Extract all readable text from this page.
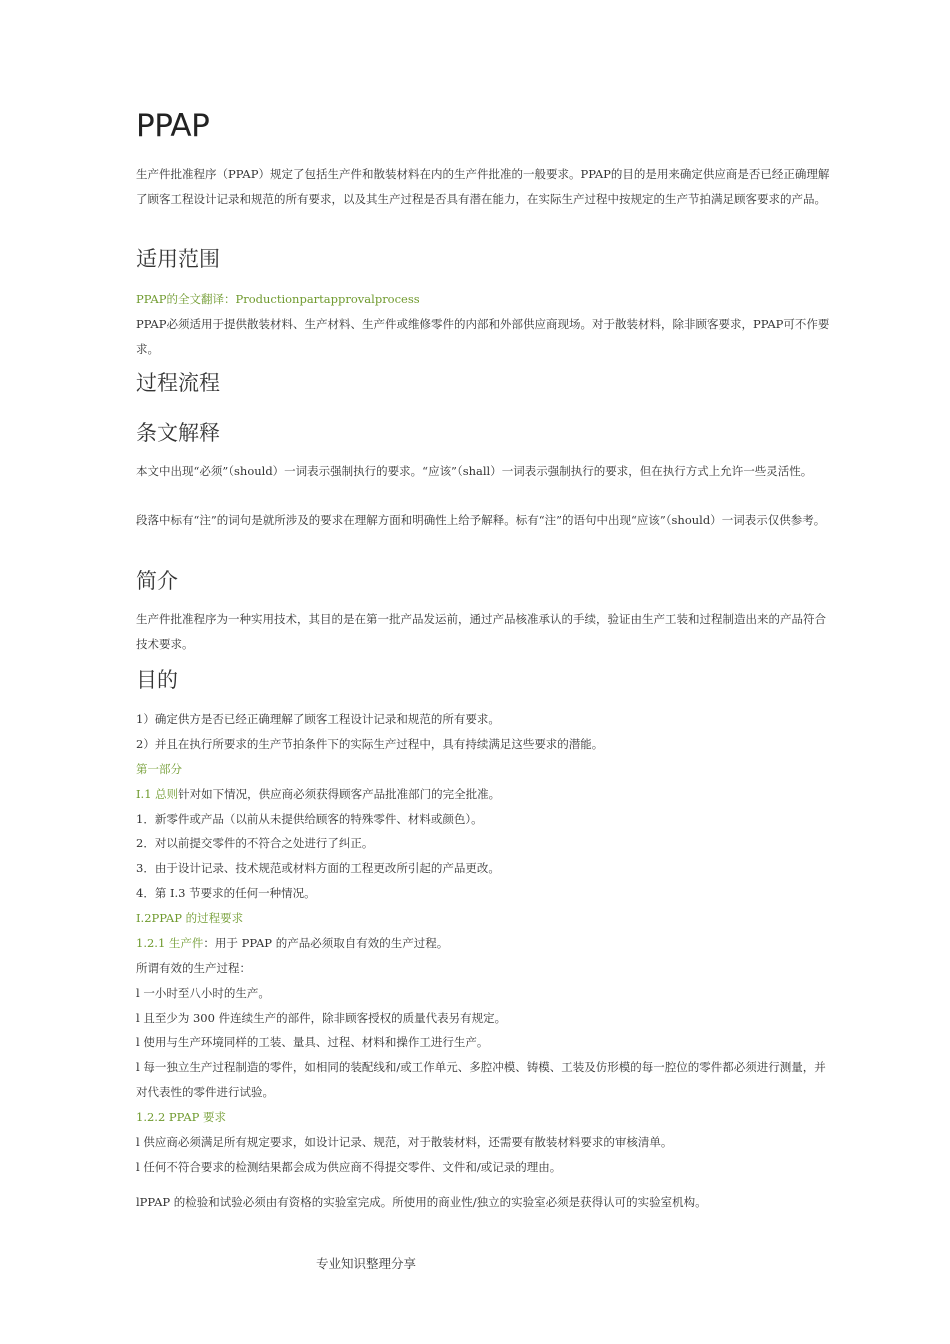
PPAP
生产件批准程序（PPAP）规定了包括生产件和散装材料在内的生产件批准的一般要求。PPAP的目的是用来确定供应商是否已经正确理解了顾客工程设计记录和规范的所有要求，以及其生产过程是否具有潜在能力，在实际生产过程中按规定的生产节拍满足顾客要求的产品。
适用范围
PPAP的全文翻译：Productionpartapprovalprocess
PPAP必须适用于提供散装材料、生产材料、生产件或维修零件的内部和外部供应商现场。对于散装材料，除非顾客要求，PPAP可不作要求。
过程流程
条文解释
本文中出现“必须”（should）一词表示强制执行的要求。“应该”（shall）一词表示强制执行的要求，但在执行方式上允许一些灵活性。
段落中标有“注”的词句是就所涉及的要求在理解方面和明确性上给予解释。标有“注”的语句中出现“应该”（should）一词表示仅供参考。
简介
生产件批准程序为一种实用技术，其目的是在第一批产品发运前，通过产品核准承认的手续，验证由生产工装和过程制造出来的产品符合技术要求。
目的
1）确定供方是否已经正确理解了顾客工程设计记录和规范的所有要求。
2）并且在执行所要求的生产节拍条件下的实际生产过程中，具有持续满足这些要求的潜能。
第一部分
I.1 总则针对如下情况，供应商必须获得顾客产品批准部门的完全批准。
1．新零件或产品（以前从未提供给顾客的特殊零件、材料或颜色）。
2．对以前提交零件的不符合之处进行了纠正。
3．由于设计记录、技术规范或材料方面的工程更改所引起的产品更改。
4．第 I.3 节要求的任何一种情况。
I.2PPAP 的过程要求
1.2.1 生产件：用于 PPAP 的产品必须取自有效的生产过程。
所谓有效的生产过程：
l 一小时至八小时的生产。
l 且至少为 300 件连续生产的部件，除非顾客授权的质量代表另有规定。
l 使用与生产环境同样的工装、量具、过程、材料和操作工进行生产。
l 每一独立生产过程制造的零件，如相同的装配线和/或工作单元、多腔冲模、铸模、工装及仿形模的每一腔位的零件都必须进行测量，并对代表性的零件进行试验。
1.2.2 PPAP 要求
l 供应商必须满足所有规定要求，如设计记录、规范，对于散装材料，还需要有散装材料要求的审核清单。
l 任何不符合要求的检测结果都会成为供应商不得提交零件、文件和/或记录的理由。
lPPAP 的检验和试验必须由有资格的实验室完成。所使用的商业性/独立的实验室必须是获得认可的实验室机构。
专业知识整理分享
